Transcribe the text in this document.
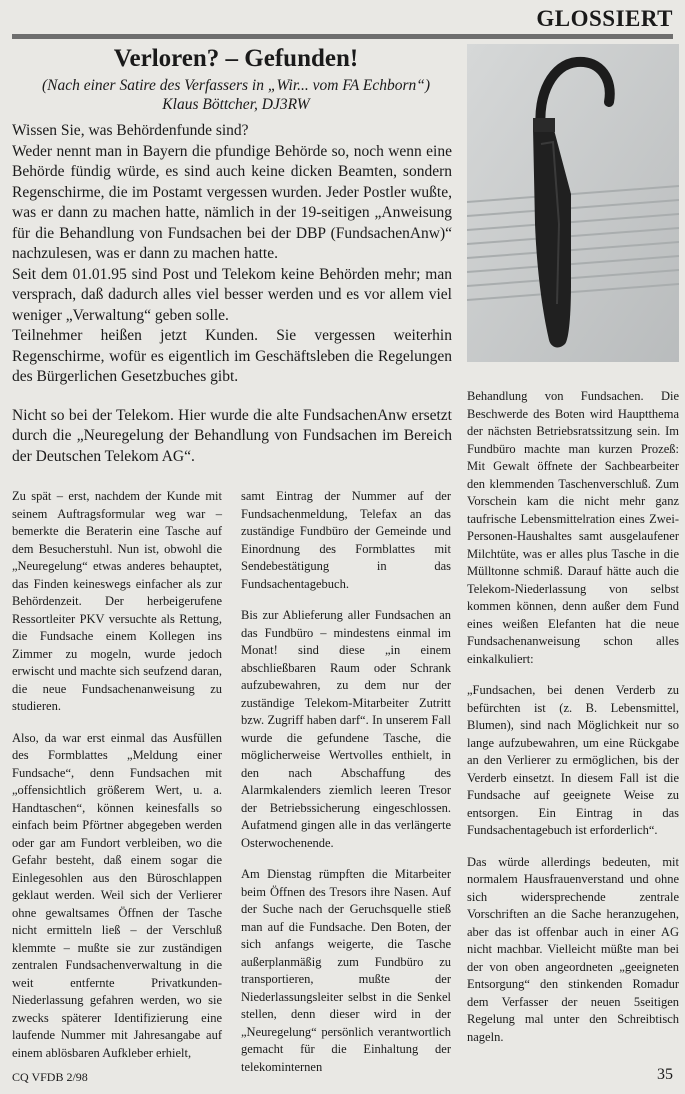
GLOSSIERT
Verloren? – Gefunden!

(Nach einer Satire des Verfassers in „Wir... vom FA Echborn“)

Klaus Böttcher, DJ3RW

Wissen Sie, was Behördenfunde sind?

Weder nennt man in Bayern die pfundige Behörde so, noch wenn eine Behörde fündig würde, es sind auch keine dicken Beamten, sondern Regenschirme, die im Postamt vergessen wurden. Jeder Postler wußte, was er dann zu machen hatte, nämlich in der 19-seitigen „Anweisung für die Behandlung von Fundsachen bei der DBP (FundsachenAnw)“ nachzulesen, was er dann zu machen hatte.

Seit dem 01.01.95 sind Post und Telekom keine Behörden mehr; man versprach, daß dadurch alles viel besser werden und es vor allem viel weniger „Verwaltung“ geben solle.

Teilnehmer heißen jetzt Kunden. Sie vergessen weiterhin Regenschirme, wofür es eigentlich im Geschäftsleben die Regelungen des Bürgerlichen Gesetzbuches gibt.

Nicht so bei der Telekom. Hier wurde die alte FundsachenAnw ersetzt durch die „Neuregelung der Behandlung von Fundsachen im Bereich der Deutschen Telekom AG“.

Zu spät – erst, nachdem der Kunde mit seinem Auftragsformular weg war – bemerkte die Beraterin eine Tasche auf dem Besucherstuhl. Nun ist, obwohl die „Neuregelung“ etwas anderes behauptet, das Finden keineswegs einfacher als zur Behördenzeit. Der herbeigerufene Ressortleiter PKV versuchte als Rettung, die Fundsache einem Kollegen ins Zimmer zu mogeln, wurde jedoch erwischt und machte sich seufzend daran, die neue Fundsachenanweisung zu studieren.

Also, da war erst einmal das Ausfüllen des Formblattes „Meldung einer Fundsache“, denn Fundsachen mit „offensichtlich größerem Wert, u. a. Handtaschen“, können keinesfalls so einfach beim Pförtner abgegeben werden oder gar am Fundort verbleiben, wo die Gefahr besteht, daß einem sogar die Einlegesohlen aus den Büroschlappen geklaut werden. Weil sich der Verlierer ohne gewaltsames Öffnen der Tasche nicht ermitteln ließ – der Verschluß klemmte – mußte sie zur zuständigen zentralen Fundsachenverwaltung in die weit entfernte Privatkunden-Niederlassung gefahren werden, wo sie zwecks späterer Identifizierung eine laufende Nummer mit Jahresangabe auf einem ablösbaren Aufkleber erhielt,

samt Eintrag der Nummer auf der Fundsachenmeldung, Telefax an das zuständige Fundbüro der Gemeinde und Einordnung des Formblattes mit Sendebestätigung in das Fundsachentagebuch.

Bis zur Ablieferung aller Fundsachen an das Fundbüro – mindestens einmal im Monat! sind diese „in einem abschließbaren Raum oder Schrank aufzubewahren, zu dem nur der zuständige Telekom-Mitarbeiter Zutritt bzw. Zugriff haben darf“. In unserem Fall wurde die gefundene Tasche, die möglicherweise Wertvolles enthielt, in den nach Abschaffung des Alarmkalenders ziemlich leeren Tresor der Betriebssicherung eingeschlossen. Aufatmend gingen alle in das verlängerte Osterwochenende.

Am Dienstag rümpften die Mitarbeiter beim Öffnen des Tresors ihre Nasen. Auf der Suche nach der Geruchsquelle stieß man auf die Fundsache. Den Boten, der sich anfangs weigerte, die Tasche außerplanmäßig zum Fundbüro zu transportieren, mußte der Niederlassungsleiter selbst in die Senkel stellen, denn dieser wird in der „Neuregelung“ persönlich verantwortlich gemacht für die Einhaltung der telekominternen

Behandlung von Fundsachen. Die Beschwerde des Boten wird Hauptthema der nächsten Betriebsratssitzung sein. Im Fundbüro machte man kurzen Prozeß: Mit Gewalt öffnete der Sachbearbeiter den klemmenden Taschenverschluß. Zum Vorschein kam die nicht mehr ganz taufrische Lebensmittelration eines Zwei-Personen-Haushaltes samt ausgelaufener Milchtüte, was er alles plus Tasche in die Mülltonne schmiß. Darauf hätte auch die Telekom-Niederlassung von selbst kommen können, denn außer dem Fund eines weißen Elefanten hat die neue Fundsachenanweisung schon alles einkalkuliert:

„Fundsachen, bei denen Verderb zu befürchten ist (z. B. Lebensmittel, Blumen), sind nach Möglichkeit nur so lange aufzubewahren, um eine Rückgabe an den Verlierer zu ermöglichen, bis der Verderb einsetzt. In diesem Fall ist die Fundsache auf geeignete Weise zu entsorgen. Ein Eintrag in das Fundsachentagebuch ist erforderlich“.

Das würde allerdings bedeuten, mit normalem Hausfrauenverstand und ohne sich widersprechende zentrale Vorschriften an die Sache heranzugehen, aber das ist offenbar auch in einer AG nicht machbar. Vielleicht müßte man bei der von oben angeordneten „geeigneten Entsorgung“ den stinkenden Romadur dem Verfasser der neuen 5seitigen Regelung mal unter den Schreibtisch nageln.

CQ VFDB 2/98	35
